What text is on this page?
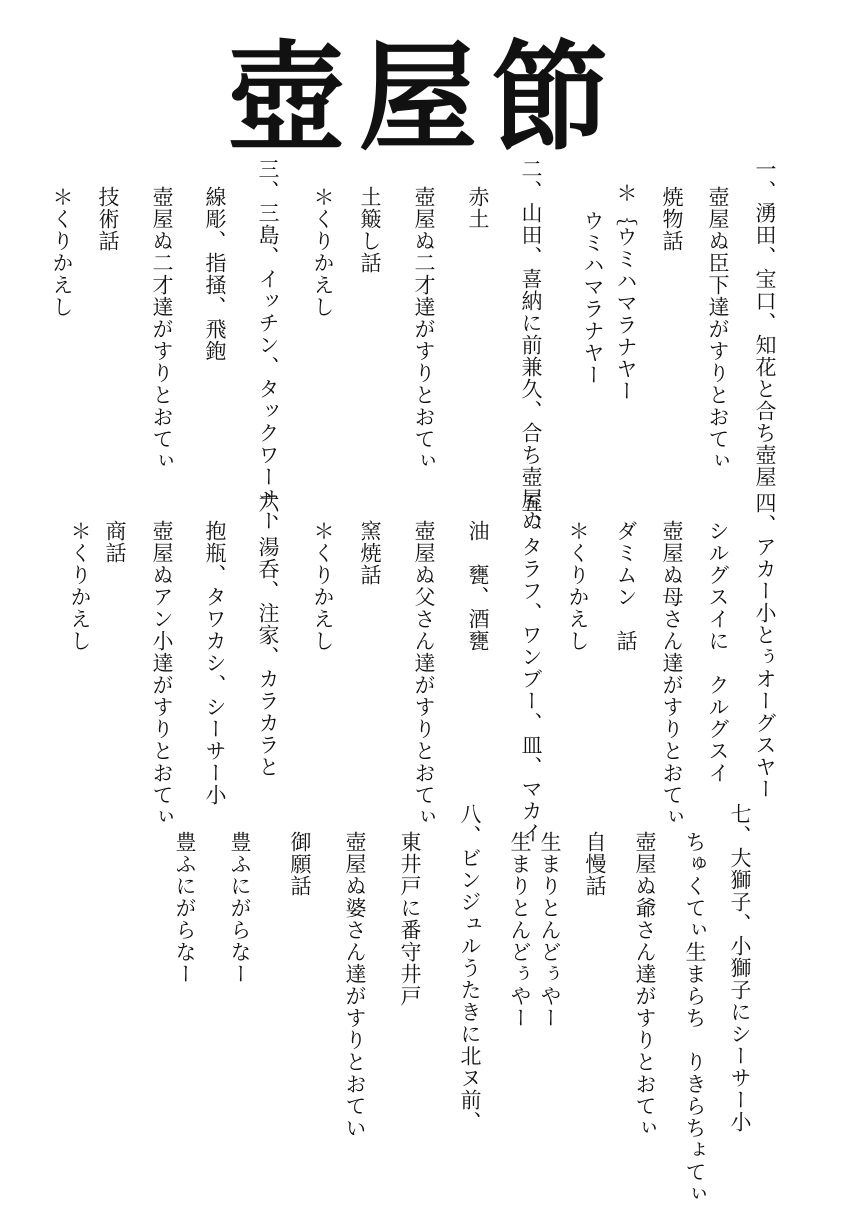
壺屋節
一、湧田、宝口、知花と合ち壺屋
壺屋ぬ臣下達がすりとおてぃ
焼物話
＊｛ウミハマラナヤー
ウミハマラナヤー
二、山田、喜納に前兼久、合ち壺屋ぬ
赤土
壺屋ぬ二才達がすりとおてぃ
土簸し話
＊くりかえし
三、三島、イッチン、タックワーサー
線彫、指掻、飛鉋
壺屋ぬ二才達がすりとおてぃ
技術話
＊くりかえし
四、アカー小とぅオーグスヤー
シルグスイに　クルグスイ
壺屋ぬ母さん達がすりとおてぃ
ダミムン　話
＊くりかえし
五、タラフ、ワンブー、皿、マカイ
油　甕、酒甕
壺屋ぬ父さん達がすりとおてぃ
窯焼話
＊くりかえし
六、湯呑、注家、カラカラと
抱瓶、タワカシ、シーサー小
壺屋ぬアン小達がすりとおてぃ
商話
＊くりかえし
七、大獅子、小獅子にシーサー小
ちゅくてぃ生まらち　りきらちょてぃ
壺屋ぬ爺さん達がすりとおてぃ
自慢話
生まりとんどぅやー
生まりとんどぅやー
八、ビンジュルうたきに北ヌ前、
東井戸に番守井戸
壺屋ぬ婆さん達がすりとおてい
御願話
豊ふにがらなー
豊ふにがらなー
